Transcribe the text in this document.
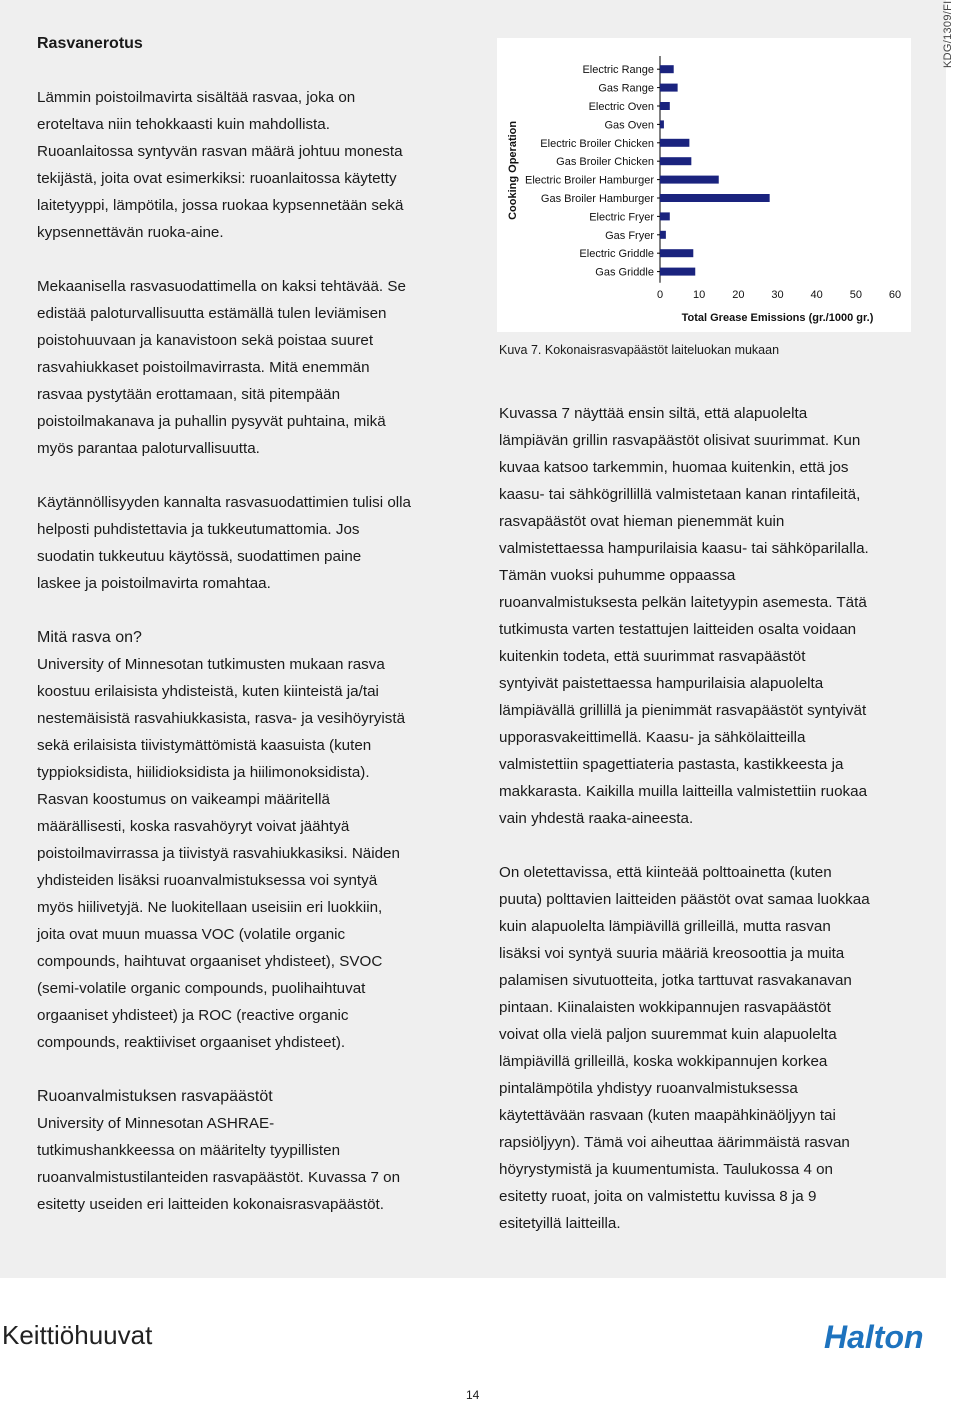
KDG/1309/FI
Rasvanerotus
Lämmin poistoilmavirta sisältää rasvaa, joka on
eroteltava niin tehokkaasti kuin mahdollista.
Ruoanlaitossa syntyvän rasvan määrä johtuu monesta
tekijästä, joita ovat esimerkiksi: ruoanlaitossa käytetty
laitetyyppi, lämpötila, jossa ruokaa kypsennetään sekä
kypsennettävän ruoka-aine.
Mekaanisella rasvasuodattimella on kaksi tehtävää. Se
edistää paloturvallisuutta estämällä tulen leviämisen
poistohuuvaan ja kanavistoon sekä poistaa suuret
rasvahiukkaset poistoilmavirrasta. Mitä enemmän
rasvaa pystytään erottamaan, sitä pitempään
poistoilmakanava ja puhallin pysyvät puhtaina, mikä
myös parantaa paloturvallisuutta.
Käytännöllisyyden kannalta rasvasuodattimien tulisi olla
helposti puhdistettavia ja tukkeutumattomia. Jos
suodatin tukkeutuu käytössä, suodattimen paine
laskee ja poistoilmavirta romahtaa.
Mitä rasva on?
University of Minnesotan tutkimusten mukaan rasva
koostuu erilaisista yhdisteistä, kuten kiinteistä ja/tai
nestemäisistä rasvahiukkasista, rasva- ja vesihöyryistä
sekä erilaisista tiivistymättömistä kaasuista (kuten
typpioksidista, hiilidioksidista ja hiilimonoksidista).
Rasvan koostumus on vaikeampi määritellä
määrällisesti, koska rasvahöyryt voivat jäähtyä
poistoilmavirrassa ja tiivistyä rasvahiukkasiksi. Näiden
yhdisteiden lisäksi ruoanvalmistuksessa voi syntyä
myös hiilivetyjä. Ne luokitellaan useisiin eri luokkiin,
joita ovat muun muassa VOC (volatile organic
compounds, haihtuvat orgaaniset yhdisteet), SVOC
(semi-volatile organic compounds, puolihaihtuvat
orgaaniset yhdisteet) ja ROC (reactive organic
compounds, reaktiiviset orgaaniset yhdisteet).
Ruoanvalmistuksen rasvapäästöt
University of Minnesotan ASHRAE-
tutkimushankkeessa on määritelty tyypillisten
ruoanvalmistustilanteiden rasvapäästöt. Kuvassa 7 on
esitetty useiden eri laitteiden kokonaisrasvapäästöt.
Electric Range
Gas Range
Electric Oven
Gas Oven
Electric Broiler Chicken
Gas Broiler Chicken
Electric Broiler Hamburger
Gas Broiler Hamburger
Electric Fryer
Gas Fryer
Electric Griddle
Gas Griddle
0	10 20 30 40 50 60
Total Grease Emissions (gr./1000 gr.)
Cooking Operation
Kuva 7. Kokonaisrasvapäästöt laiteluokan mukaan
Kuvassa 7 näyttää ensin siltä, että alapuolelta
lämpiävän grillin rasvapäästöt olisivat suurimmat. Kun
kuvaa katsoo tarkemmin, huomaa kuitenkin, että jos
kaasu- tai sähkögrillillä valmistetaan kanan rintafileitä,
rasvapäästöt ovat hieman pienemmät kuin
valmistettaessa hampurilaisia kaasu- tai sähköparilalla.
Tämän vuoksi puhumme oppaassa
ruoanvalmistuksesta pelkän laitetyypin asemesta. Tätä
tutkimusta varten testattujen laitteiden osalta voidaan
kuitenkin todeta, että suurimmat rasvapäästöt
syntyivät paistettaessa hampurilaisia alapuolelta
lämpiävällä grillillä ja pienimmät rasvapäästöt syntyivät
upporasvakeittimellä. Kaasu- ja sähkölaitteilla
valmistettiin spagettiateria pastasta, kastikkeesta ja
makkarasta. Kaikilla muilla laitteilla valmistettiin ruokaa
vain yhdestä raaka-aineesta.
On oletettavissa, että kiinteää polttoainetta (kuten
puuta) polttavien laitteiden päästöt ovat samaa luokkaa
kuin alapuolelta lämpiävillä grilleillä, mutta rasvan
lisäksi voi syntyä suuria määriä kreosoottia ja muita
palamisen sivutuotteita, jotka tarttuvat rasvakanavan
pintaan. Kiinalaisten wokkipannujen rasvapäästöt
voivat olla vielä paljon suuremmat kuin alapuolelta
lämpiävillä grilleillä, koska wokkipannujen korkea
pintalämpötila yhdistyy ruoanvalmistuksessa
käytettävään rasvaan (kuten maapähkinäöljyyn tai
rapsiöljyyn). Tämä voi aiheuttaa äärimmäistä rasvan
höyrystymistä ja kuumentumista. Taulukossa 4 on
esitetty ruoat, joita on valmistettu kuvissa 8 ja 9
esitetyillä laitteilla.
Keittiöhuuvat	Halton
14
